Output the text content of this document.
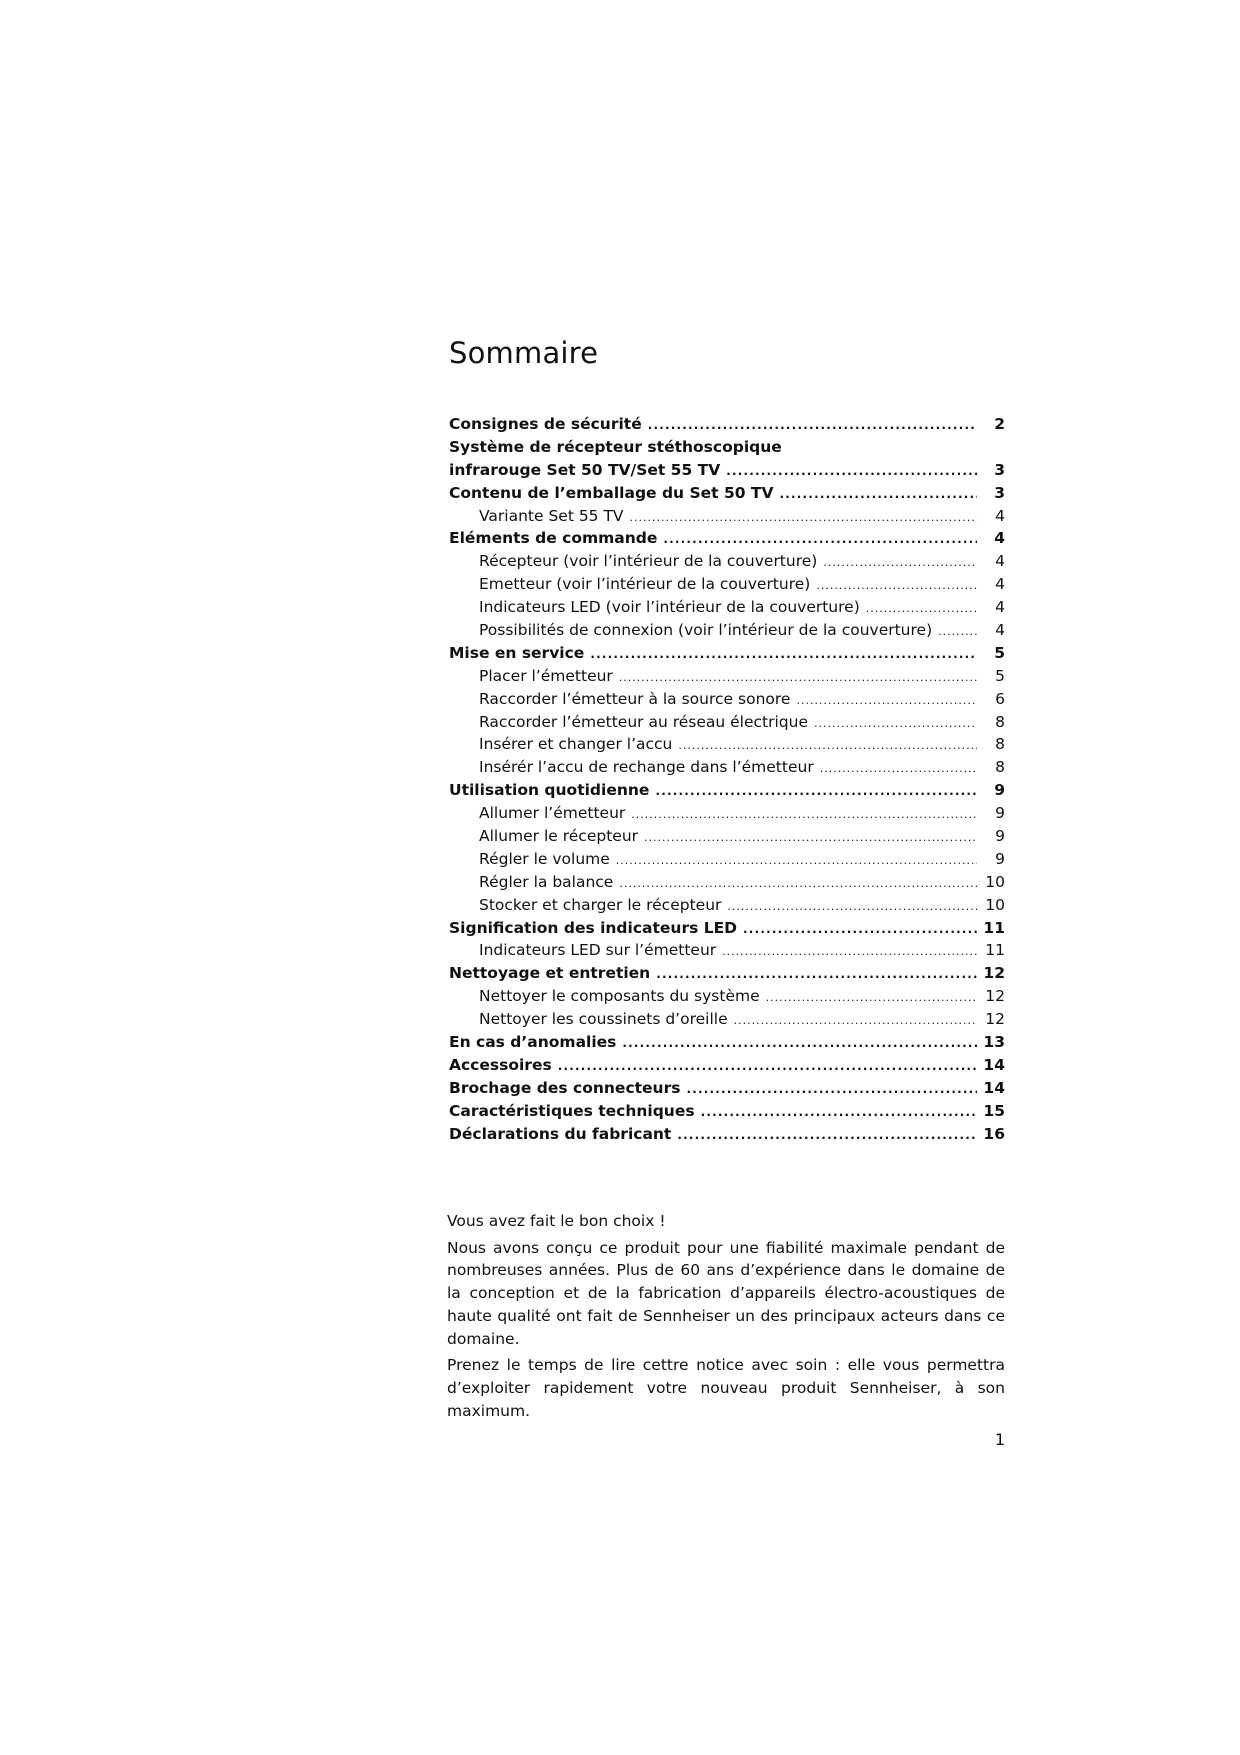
Sommaire
Consignes de sécurité .....	2
Système de récepteur stéthoscopique
infrarouge Set 50 TV/Set 55 TV .....	3
Contenu de l’emballage du Set 50 TV .....	3
Variante Set 55 TV .....	4
Eléments de commande .....	4
Récepteur (voir l’intérieur de la couverture) .....	4
Emetteur (voir l’intérieur de la couverture) .....	4
Indicateurs LED (voir l’intérieur de la couverture) .....	4
Possibilités de connexion (voir l’intérieur de la couverture) .....	4
Mise en service .....	5
Placer l’émetteur .....	5
Raccorder l’émetteur à la source sonore .....	6
Raccorder l’émetteur au réseau électrique .....	8
Insérer et changer l’accu .....	8
Insérér l’accu de rechange dans l’émetteur .....	8
Utilisation quotidienne .....	9
Allumer l’émetteur .....	9
Allumer le récepteur .....	9
Régler le volume .....	9
Régler la balance .....	10
Stocker et charger le récepteur .....	10
Signification des indicateurs LED .....	11
Indicateurs LED sur l’émetteur .....	11
Nettoyage et entretien .....	12
Nettoyer le composants du système .....	12
Nettoyer les coussinets d’oreille .....	12
En cas d’anomalies .....	13
Accessoires .....	14
Brochage des connecteurs .....	14
Caractéristiques techniques .....	15
Déclarations du fabricant .....	16

Vous avez fait le bon choix !

Nous avons conçu ce produit pour une fiabilité maximale pendant de nombreuses années. Plus de 60 ans d’expérience dans le domaine de la conception et de la fabrication d’appareils électro-acoustiques de haute qualité ont fait de Sennheiser un des principaux acteurs dans ce domaine.

Prenez le temps de lire cettre notice avec soin : elle vous permettra d’exploiter rapidement votre nouveau produit Sennheiser, à son maximum.

1
